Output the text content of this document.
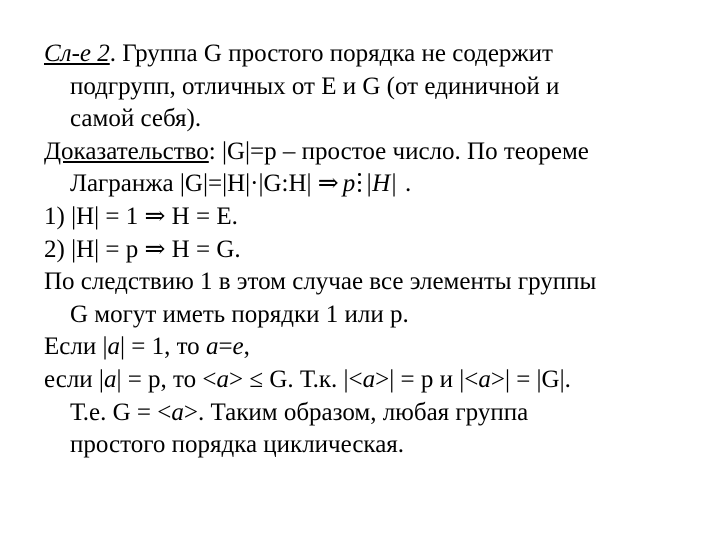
Сл-е 2. Группа G простого порядка не содержит
подгрупп, отличных от Е и G (от единичной и
самой себя).

Доказательство: |G|=p – простое число. По теореме
Лагранжа |G|=|H|·|G:H| ⇒ p |H| .

1) |H| = 1 ⇒ H = E.

2) |H| = p ⇒ H = G.

По следствию 1 в этом случае все элементы группы
G могут иметь порядки 1 или p.

Если |a| = 1, то a=e,

если |a| = p, то <a> ≤ G. Т.к. |<a>| = p и |<a>| = |G|.
Т.е. G = <a>. Таким образом, любая группа
простого порядка циклическая.
